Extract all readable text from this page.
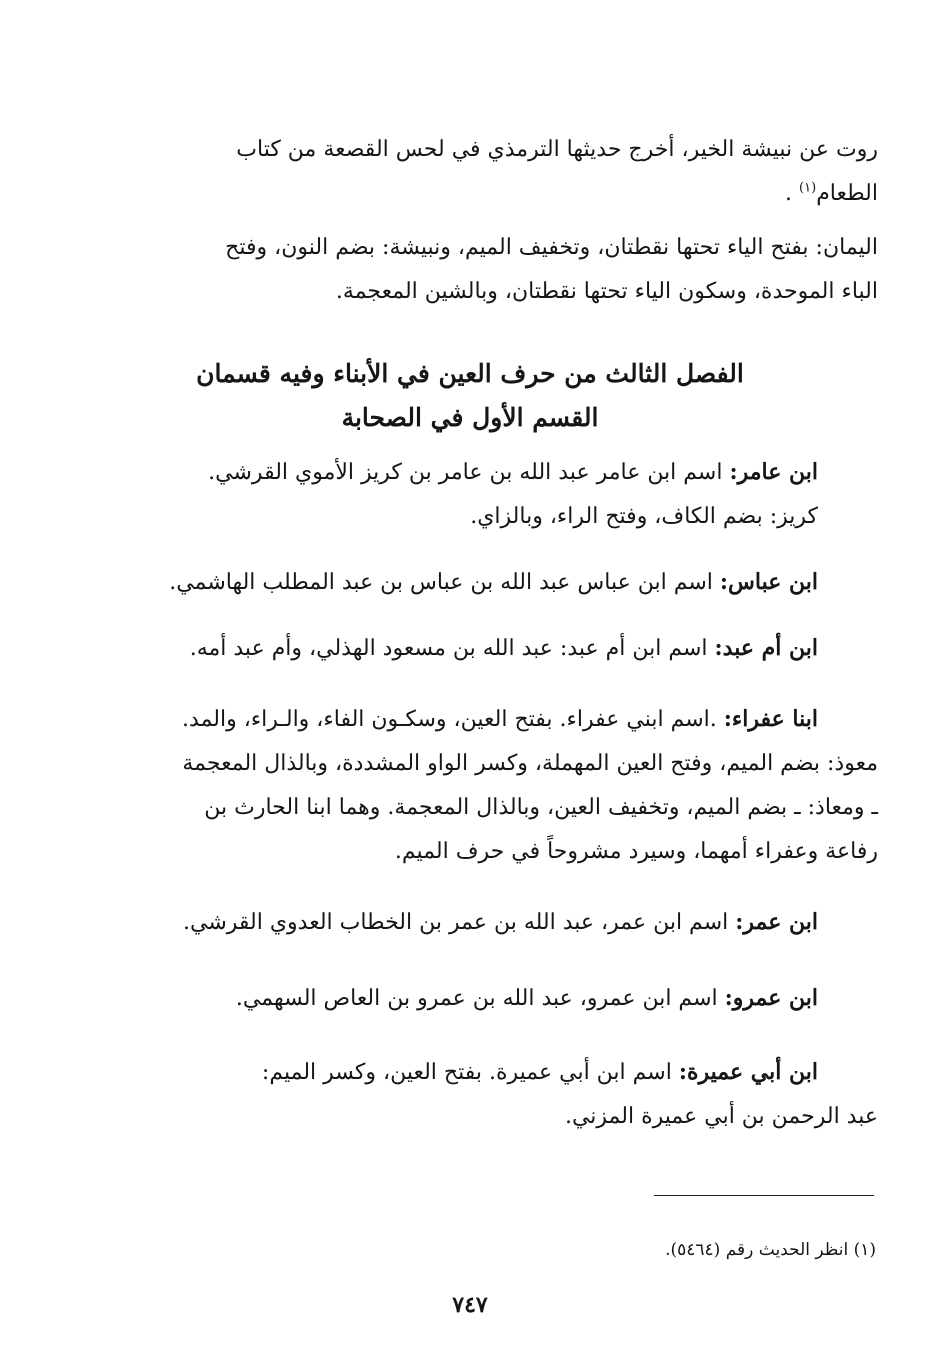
روت عن نبيشة الخير، أخرج حديثها الترمذي في لحس القصعة من كتاب

الطعام$^{(١)}$ .

اليمان: بفتح الياء تحتها نقطتان، وتخفيف الميم، ونبيشة: بضم النون، وفتح

الباء الموحدة، وسكون الياء تحتها نقطتان، وبالشين المعجمة.

الفصل الثالث من حرف العين في الأبناء وفيه قسمان

القسم الأول في الصحابة

ابن عامر: اسم ابن عامر عبد الله بن عامر بن كريز الأموي القرشي.

كريز: بضم الكاف، وفتح الراء، وبالزاي.

ابن عباس: اسم ابن عباس عبد الله بن عباس بن عبد المطلب الهاشمي.

ابن أم عبد: اسم ابن أم عبد: عبد الله بن مسعود الهذلي، وأم عبد أمه.

ابنا عفراء: .اسم ابني عفراء. بفتح العين، وسكـون الفاء، والـراء، والمد.

معوذ: بضم الميم، وفتح العين المهملة، وكسر الواو المشددة، وبالذال المعجمة

ـ ومعاذ: ـ بضم الميم، وتخفيف العين، وبالذال المعجمة. وهما ابنا الحارث بن

رفاعة وعفراء أمهما، وسيرد مشروحاً في حرف الميم.

ابن عمر: اسم ابن عمر، عبد الله بن عمر بن الخطاب العدوي القرشي.

ابن عمرو: اسم ابن عمرو، عبد الله بن عمرو بن العاص السهمي.

ابن أبي عميرة: اسم ابن أبي عميرة. بفتح العين، وكسر الميم:

عبد الرحمن بن أبي عميرة المزني.

(١) انظر الحديث رقم (٥٤٦٤).

٧٤٧
